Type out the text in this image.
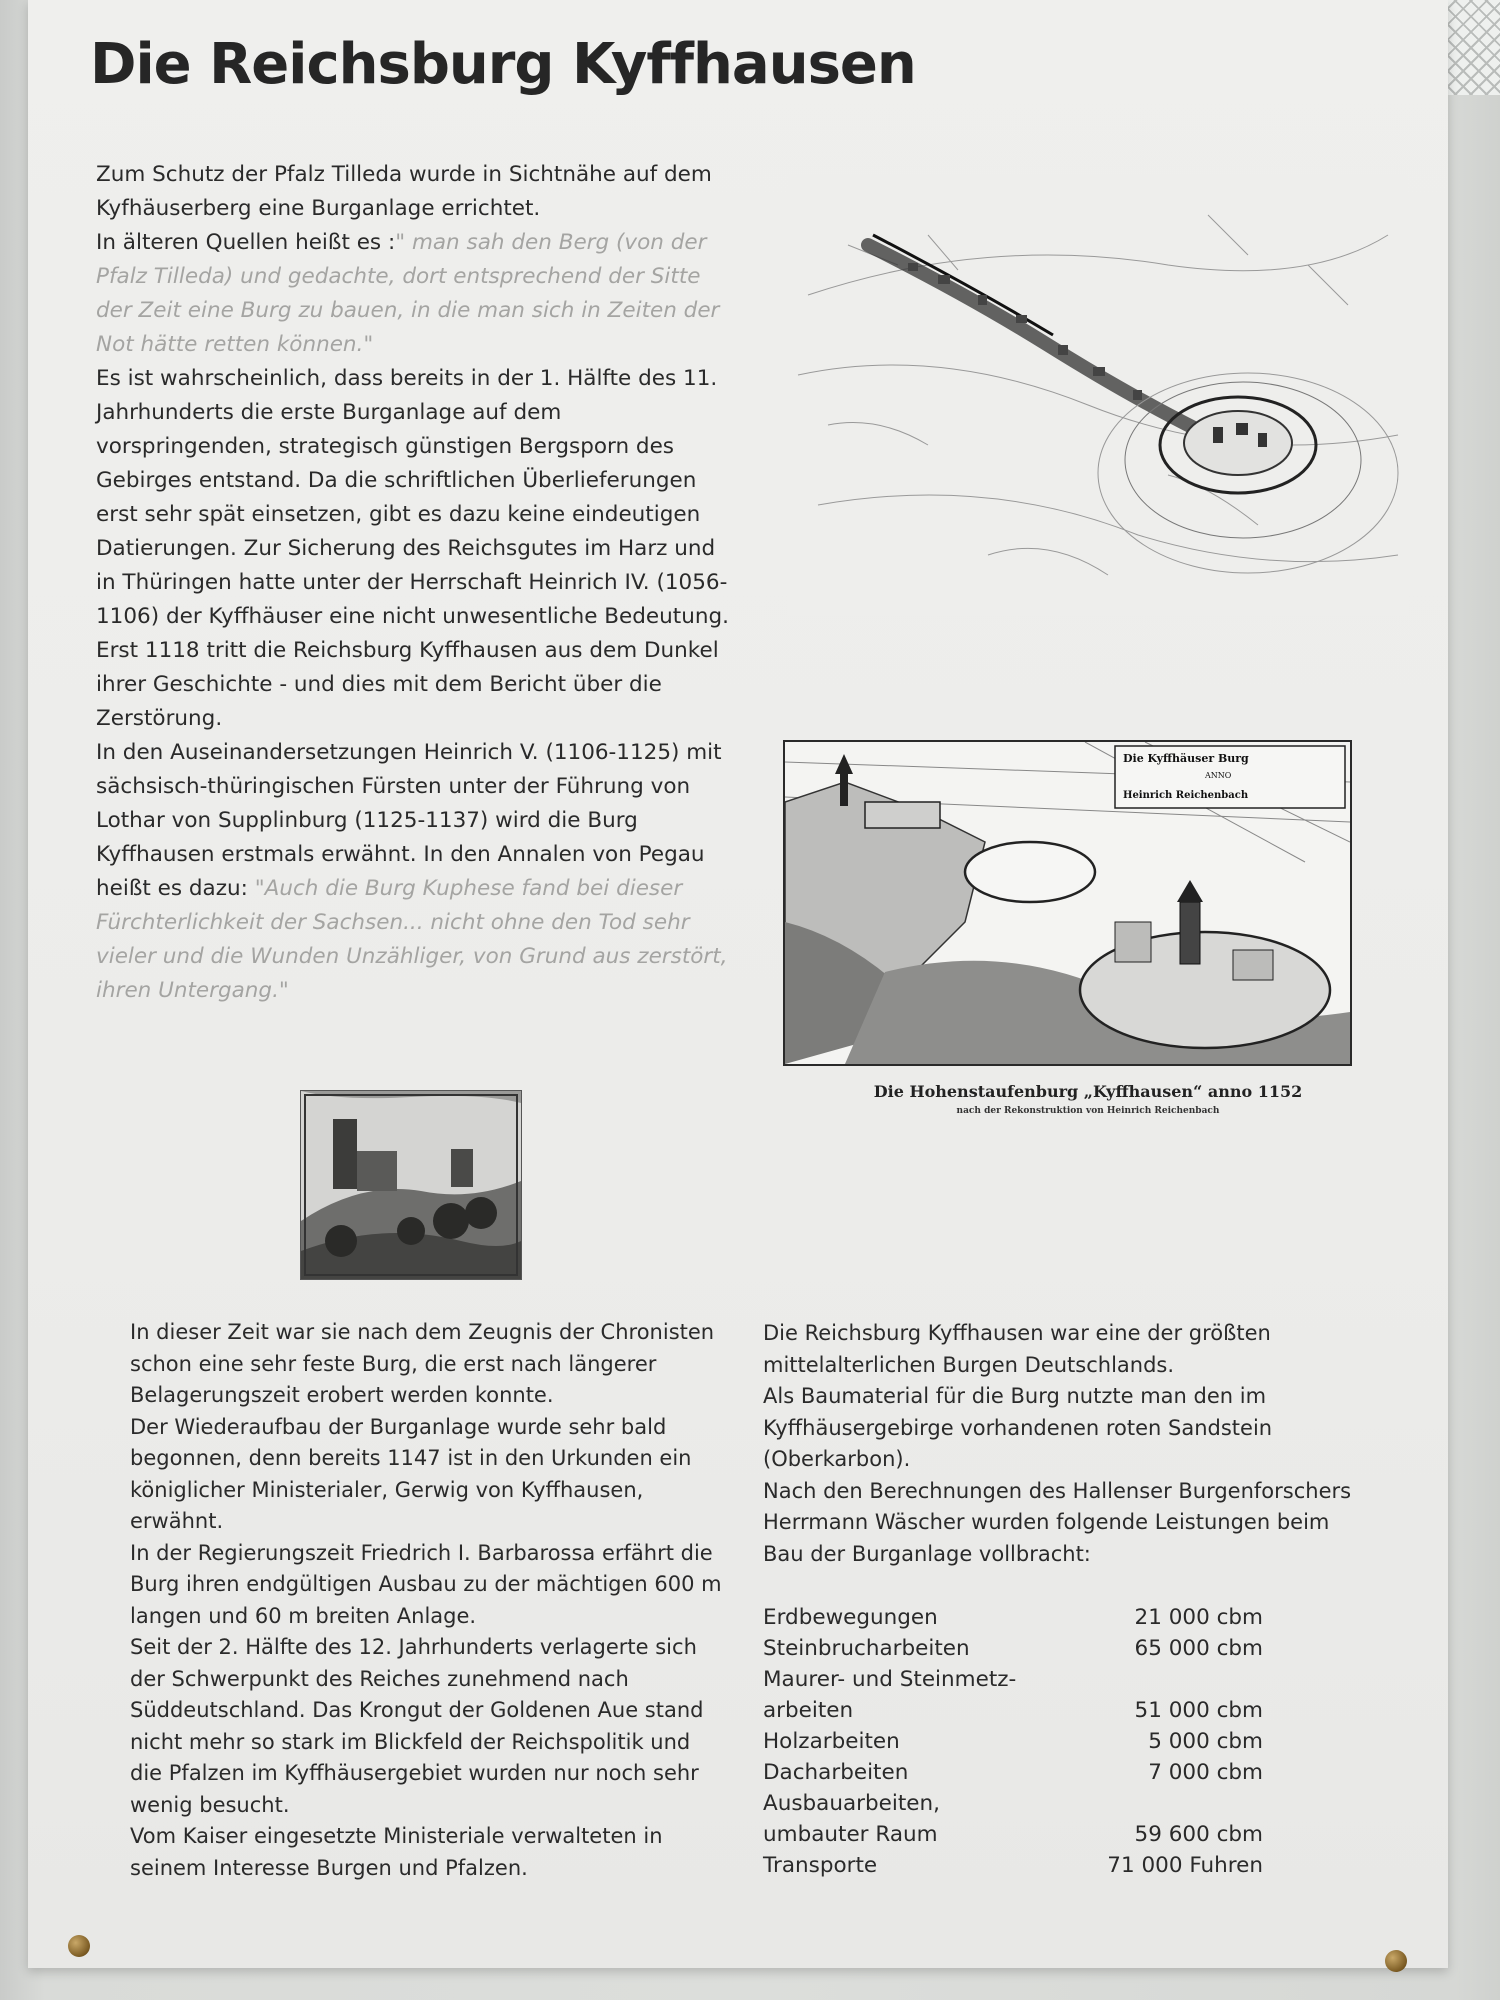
Die Reichsburg Kyffhausen

Zum Schutz der Pfalz Tilleda wurde in Sichtnähe auf dem Kyfhäuserberg eine Burganlage errichtet.

In älteren Quellen heißt es :" man sah den Berg (von der Pfalz Tilleda) und gedachte, dort entsprechend der Sitte der Zeit eine Burg zu bauen, in die man sich in Zeiten der Not hätte retten können."

Es ist wahrscheinlich, dass bereits in der 1. Hälfte des 11. Jahrhunderts die erste Burganlage auf dem vorspringenden, strategisch günstigen Bergsporn des Gebirges entstand. Da die schriftlichen Überlieferungen erst sehr spät einsetzen, gibt es dazu keine eindeutigen Datierungen. Zur Sicherung des Reichsgutes im Harz und in Thüringen hatte unter der Herrschaft Heinrich IV. (1056-1106) der Kyffhäuser eine nicht unwesentliche Bedeutung.

Erst 1118 tritt die Reichsburg Kyffhausen aus dem Dunkel ihrer Geschichte - und dies mit dem Bericht über die Zerstörung.

In den Auseinandersetzungen Heinrich V. (1106-1125) mit sächsisch-thüringischen Fürsten unter der Führung von Lothar von Supplinburg (1125-1137) wird die Burg Kyffhausen erstmals erwähnt. In den Annalen von Pegau heißt es dazu: "Auch die Burg Kuphese fand bei dieser Fürchterlichkeit der Sachsen... nicht ohne den Tod sehr vieler und die Wunden Unzähliger, von Grund aus zerstört, ihren Untergang."

Die Kyffhäuser Burg
ANNO
Heinrich Reichenbach
Die Hohenstaufenburg „Kyffhausen“ anno 1152
nach der Rekonstruktion von Heinrich Reichenbach

In dieser Zeit war sie nach dem Zeugnis der Chronisten schon eine sehr feste Burg, die erst nach längerer Belagerungszeit erobert werden konnte.

Der Wiederaufbau der Burganlage wurde sehr bald begonnen, denn bereits 1147 ist in den Urkunden ein königlicher Ministerialer, Gerwig von Kyffhausen, erwähnt.

In der Regierungszeit Friedrich I. Barbarossa erfährt die Burg ihren endgültigen Ausbau zu der mächtigen 600 m langen und 60 m breiten Anlage.

Seit der 2. Hälfte des 12. Jahrhunderts verlagerte sich der Schwerpunkt des Reiches zunehmend nach Süddeutschland. Das Krongut der Goldenen Aue stand nicht mehr so stark im Blickfeld der Reichspolitik und die Pfalzen im Kyffhäusergebiet wurden nur noch sehr wenig besucht.

Vom Kaiser eingesetzte Ministeriale verwalteten in seinem Interesse Burgen und Pfalzen.

Die Reichsburg Kyffhausen war eine der größten mittelalterlichen Burgen Deutschlands.

Als Baumaterial für die Burg nutzte man den im Kyffhäusergebirge vorhandenen roten Sandstein (Oberkarbon).

Nach den Berechnungen des Hallenser Burgenforschers Herrmann Wäscher wurden folgende Leistungen beim Bau der Burganlage vollbracht:

Erdbewegungen	21 000 cbm
Steinbrucharbeiten	65 000 cbm
Maurer- und Steinmetz-
arbeiten	51 000 cbm
Holzarbeiten	5 000 cbm
Dacharbeiten	7 000 cbm
Ausbauarbeiten,
umbauter Raum	59 600 cbm
Transporte	71 000 Fuhren
